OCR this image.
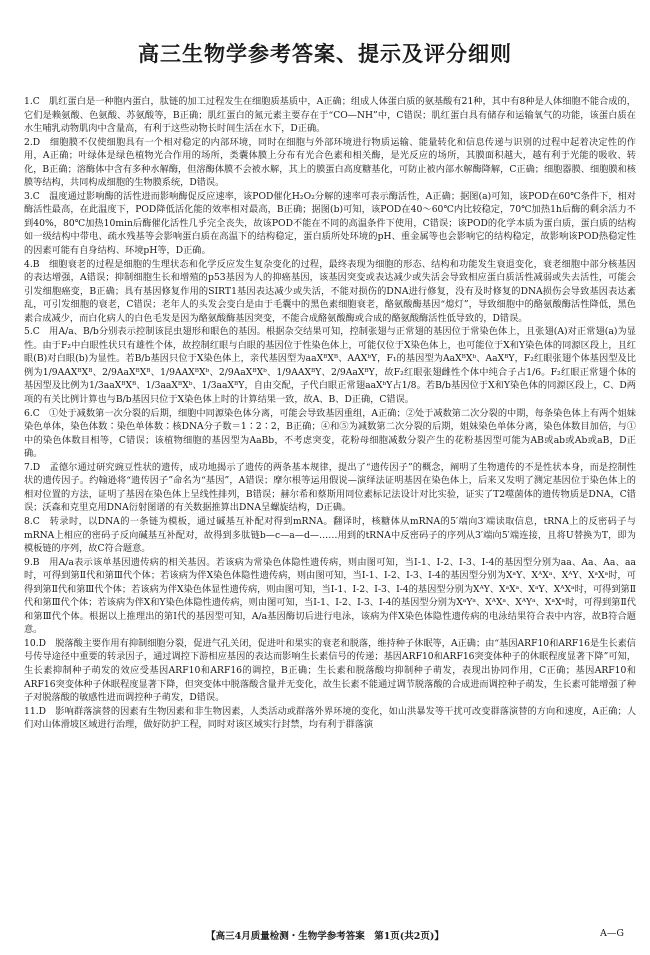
高三生物学参考答案、提示及评分细则

1.C　肌红蛋白是一种胞内蛋白，肽链的加工过程发生在细胞质基质中，A正确；组成人体蛋白质的氨基酸有21种，其中有8种是人体细胞不能合成的，它们是赖氨酸、色氨酸、苏氨酸等，B正确；肌红蛋白的氮元素主要存在于“CO—NH”中，C错误；肌红蛋白具有储存和运输氧气的功能，该蛋白质在水生哺乳动物肌肉中含量高，有利于这些动物长时间生活在水下，D正确。

2.D　细胞膜不仅使细胞具有一个相对稳定的内部环境，同时在细胞与外部环境进行物质运输、能量转化和信息传递与识别的过程中起着决定性的作用，A正确；叶绿体是绿色植物光合作用的场所，类囊体膜上分布有光合色素和相关酶，是光反应的场所，其膜面积越大，越有利于光能的吸收、转化，B正确；溶酶体中含有多种水解酶，但溶酶体膜不会被水解，其上的膜蛋白高度糖基化，可防止被内部水解酶降解，C正确；细胞器膜、细胞膜和核膜等结构，共同构成细胞的生物膜系统，D错误。

3.C　温度通过影响酶的活性进而影响酶促反应速率，该POD催化H₂O₂分解的速率可表示酶活性，A正确；据图(a)可知，该POD在60℃条件下，相对酶活性最高，在此温度下，POD降低活化能的效率相对最高，B正确；据图(b)可知，该POD在40～60℃内比较稳定，70℃加热1h后酶的剩余活力不到40%，80℃加热10min后酶催化活性几乎完全丧失，故该POD不能在不同的高温条件下使用，C错误；该POD的化学本质为蛋白质，蛋白质的结构如一级结构中带电、疏水残基等会影响蛋白质在高温下的结构稳定，蛋白质所处环境的pH、重金属等也会影响它的结构稳定，故影响该POD热稳定性的因素可能有自身结构、环境pH等，D正确。

4.B　细胞衰老的过程是细胞的生理状态和化学反应发生复杂变化的过程，最终表现为细胞的形态、结构和功能发生衰退变化，衰老细胞中部分核基因的表达增强，A错误；抑制细胞生长和增殖的p53基因为人的抑癌基因，该基因突变或表达减少或失活会导致相应蛋白质活性减弱或失去活性，可能会引发细胞癌变，B正确；具有基因修复作用的SIRT1基因表达减少或失活，不能对损伤的DNA进行修复，没有及时修复的DNA损伤会导致基因表达紊乱，可引发细胞的衰老，C错误；老年人的头发会变白是由于毛囊中的黑色素细胞衰老，酪氨酸酶基因“熄灯”，导致细胞中的酪氨酸酶活性降低，黑色素合成减少，而白化病人的白色毛发是因为酪氨酸酶基因突变，不能合成酪氨酸酶或合成的酪氨酸酶活性低导致的，D错误。

5.C　用A/a、B/b分别表示控制该昆虫翅形和眼色的基因。根据杂交结果可知，控制张翅与正常翅的基因位于常染色体上，且张翅(A)对正常翅(a)为显性。由于F₂中白眼性状只有雄性个体，故控制红眼与白眼的基因位于性染色体上，可能仅位于X染色体上，也可能位于X和Y染色体的同源区段上，且红眼(B)对白眼(b)为显性。若B/b基因只位于X染色体上，亲代基因型为aaXᴮXᴮ、AAXᵇY，F₁的基因型为AaXᴮXᵇ、AaXᴮY，F₂红眼张翅个体基因型及比例为1/9AAXᴮXᴮ、2/9AaXᴮXᴮ、1/9AAXᴮXᵇ、2/9AaXᴮXᵇ、1/9AAXᴮY、2/9AaXᴮY，故F₂红眼张翅雌性个体中纯合子占1/6。F₂红眼正常翅个体的基因型及比例为1/3aaXᴮXᴮ、1/3aaXᴮXᵇ、1/3aaXᴮY，自由交配，子代白眼正常翅aaXᵇY占1/8。若B/b基因位于X和Y染色体的同源区段上，C、D两项的有关比例计算也与B/b基因只位于X染色体上时的计算结果一致，故A、B、D正确，C错误。

6.C　①处于减数第一次分裂的后期，细胞中同源染色体分离，可能会导致基因重组，A正确；②处于减数第二次分裂的中期，每条染色体上有两个姐妹染色单体，染色体数∶染色单体数∶核DNA分子数＝1∶2∶2，B正确；④和⑤为减数第二次分裂的后期，姐妹染色单体分离，染色体数目加倍，与①中的染色体数目相等，C错误；该植物细胞的基因型为AaBb，不考虑突变，花粉母细胞减数分裂产生的花粉基因型可能为AB或ab或Ab或aB，D正确。

7.D　孟德尔通过研究豌豆性状的遗传，成功地揭示了遗传的两条基本规律，提出了“遗传因子”的概念，阐明了生物遗传的不是性状本身，而是控制性状的遗传因子。约翰逊将“遗传因子”命名为“基因”，A错误；摩尔根等运用假说—演绎法证明基因在染色体上，后来又发明了测定基因位于染色体上的相对位置的方法，证明了基因在染色体上呈线性排列，B错误；赫尔希和蔡斯用同位素标记法设计对比实验，证实了T2噬菌体的遗传物质是DNA，C错误；沃森和克里克用DNA衍射图谱的有关数据推算出DNA呈螺旋结构，D正确。

8.C　转录时，以DNA的一条链为模板，通过碱基互补配对得到mRNA。翻译时，核糖体从mRNA的5′端向3′端读取信息，tRNA上的反密码子与mRNA上相应的密码子反向碱基互补配对，故得到多肽链b—c—a—d—……用到的tRNA中反密码子的序列从3′端向5′端连接，且将U替换为T，即为模板链的序列，故C符合题意。

9.B　用A/a表示该单基因遗传病的相关基因。若该病为常染色体隐性遗传病，则由图可知，当Ⅰ-1、Ⅰ-2、Ⅰ-3、Ⅰ-4的基因型分别为aa、Aa、Aa、aa时，可得到第Ⅱ代和第Ⅲ代个体；若该病为伴X染色体隐性遗传病，则由图可知，当Ⅰ-1、Ⅰ-2、Ⅰ-3、Ⅰ-4的基因型分别为XᵃY、XᴬXᵃ、XᴬY、XᵃXᵃ时，可得到第Ⅱ代和第Ⅲ代个体；若该病为伴X染色体显性遗传病，则由图可知，当Ⅰ-1、Ⅰ-2、Ⅰ-3、Ⅰ-4的基因型分别为XᴬY、XᵃXᵃ、XᵃY、XᴬXᵃ时，可得到第Ⅱ代和第Ⅲ代个体；若该病为伴X和Y染色体隐性遗传病，则由图可知，当Ⅰ-1、Ⅰ-2、Ⅰ-3、Ⅰ-4的基因型分别为XᵃYᵃ、XᴬXᵃ、XᴬYᵃ、XᵃXᵃ时，可得到第Ⅱ代和第Ⅲ代个体。根据以上推理出的第Ⅰ代的基因型可知，A/a基因酶切后进行电泳，该病为伴X染色体隐性遗传病的电泳结果符合表中内容，故B符合题意。

10.D　脱落酸主要作用有抑制细胞分裂，促进气孔关闭，促进叶和果实的衰老和脱落，维持种子休眠等，A正确；由“基因ARF10和ARF16是生长素信号传导途径中重要的转录因子，通过调控下游相应基因的表达而影响生长素信号的传递；基因ARF10和ARF16突变体种子的休眠程度显著下降”可知，生长素抑制种子萌发的效应受基因ARF10和ARF16的调控，B正确；生长素和脱落酸均抑制种子萌发，表现出协同作用，C正确；基因ARF10和ARF16突变体种子休眠程度显著下降，但突变体中脱落酸含量并无变化，故生长素不能通过调节脱落酸的合成进而调控种子萌发，生长素可能增强了种子对脱落酸的敏感性进而调控种子萌发，D错误。

11.D　影响群落演替的因素有生物因素和非生物因素，人类活动或群落外界环境的变化，如山洪暴发等干扰可改变群落演替的方向和速度，A正确；人们对山体滑坡区域进行治理，做好防护工程，同时对该区域实行封禁，均有利于群落演

【高三4月质量检测・生物学参考答案　第1页(共2页)】	A—G
